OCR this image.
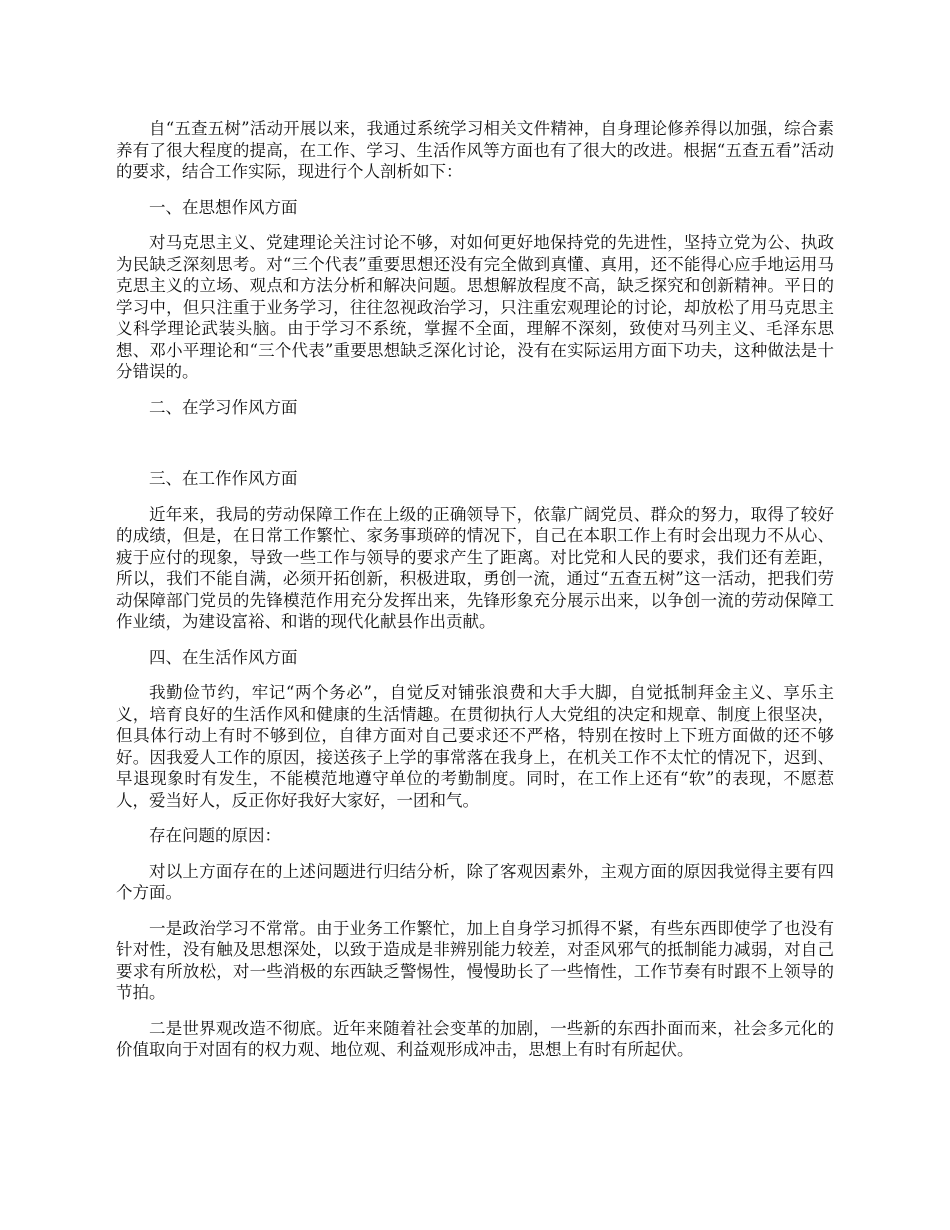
自“五查五树”活动开展以来，我通过系统学习相关文件精神，自身理论修养得以加强，综合素养有了很大程度的提高，在工作、学习、生活作风等方面也有了很大的改进。根据“五查五看”活动的要求，结合工作实际，现进行个人剖析如下：

一、在思想作风方面

对马克思主义、党建理论关注讨论不够，对如何更好地保持党的先进性，坚持立党为公、执政为民缺乏深刻思考。对“三个代表”重要思想还没有完全做到真懂、真用，还不能得心应手地运用马克思主义的立场、观点和方法分析和解决问题。思想解放程度不高，缺乏探究和创新精神。平日的学习中，但只注重于业务学习，往往忽视政治学习，只注重宏观理论的讨论，却放松了用马克思主义科学理论武装头脑。由于学习不系统，掌握不全面，理解不深刻，致使对马列主义、毛泽东思想、邓小平理论和“三个代表”重要思想缺乏深化讨论，没有在实际运用方面下功夫，这种做法是十分错误的。

二、在学习作风方面

三、在工作作风方面

近年来，我局的劳动保障工作在上级的正确领导下，依靠广阔党员、群众的努力，取得了较好的成绩，但是，在日常工作繁忙、家务事琐碎的情况下，自己在本职工作上有时会出现力不从心、疲于应付的现象，导致一些工作与领导的要求产生了距离。对比党和人民的要求，我们还有差距，所以，我们不能自满，必须开拓创新，积极进取，勇创一流，通过“五查五树”这一活动，把我们劳动保障部门党员的先锋模范作用充分发挥出来，先锋形象充分展示出来，以争创一流的劳动保障工作业绩，为建设富裕、和谐的现代化献县作出贡献。

四、在生活作风方面

我勤俭节约，牢记“两个务必”，自觉反对铺张浪费和大手大脚，自觉抵制拜金主义、享乐主义，培育良好的生活作风和健康的生活情趣。在贯彻执行人大党组的决定和规章、制度上很坚决，但具体行动上有时不够到位，自律方面对自己要求还不严格，特别在按时上下班方面做的还不够好。因我爱人工作的原因，接送孩子上学的事常落在我身上，在机关工作不太忙的情况下，迟到、早退现象时有发生，不能模范地遵守单位的考勤制度。同时，在工作上还有“软”的表现，不愿惹人，爱当好人，反正你好我好大家好，一团和气。

存在问题的原因：

对以上方面存在的上述问题进行归结分析，除了客观因素外，主观方面的原因我觉得主要有四个方面。

一是政治学习不常常。由于业务工作繁忙，加上自身学习抓得不紧，有些东西即使学了也没有针对性，没有触及思想深处，以致于造成是非辨别能力较差，对歪风邪气的抵制能力减弱，对自己要求有所放松，对一些消极的东西缺乏警惕性，慢慢助长了一些惰性，工作节奏有时跟不上领导的节拍。

二是世界观改造不彻底。近年来随着社会变革的加剧，一些新的东西扑面而来，社会多元化的价值取向于对固有的权力观、地位观、利益观形成冲击，思想上有时有所起伏。
